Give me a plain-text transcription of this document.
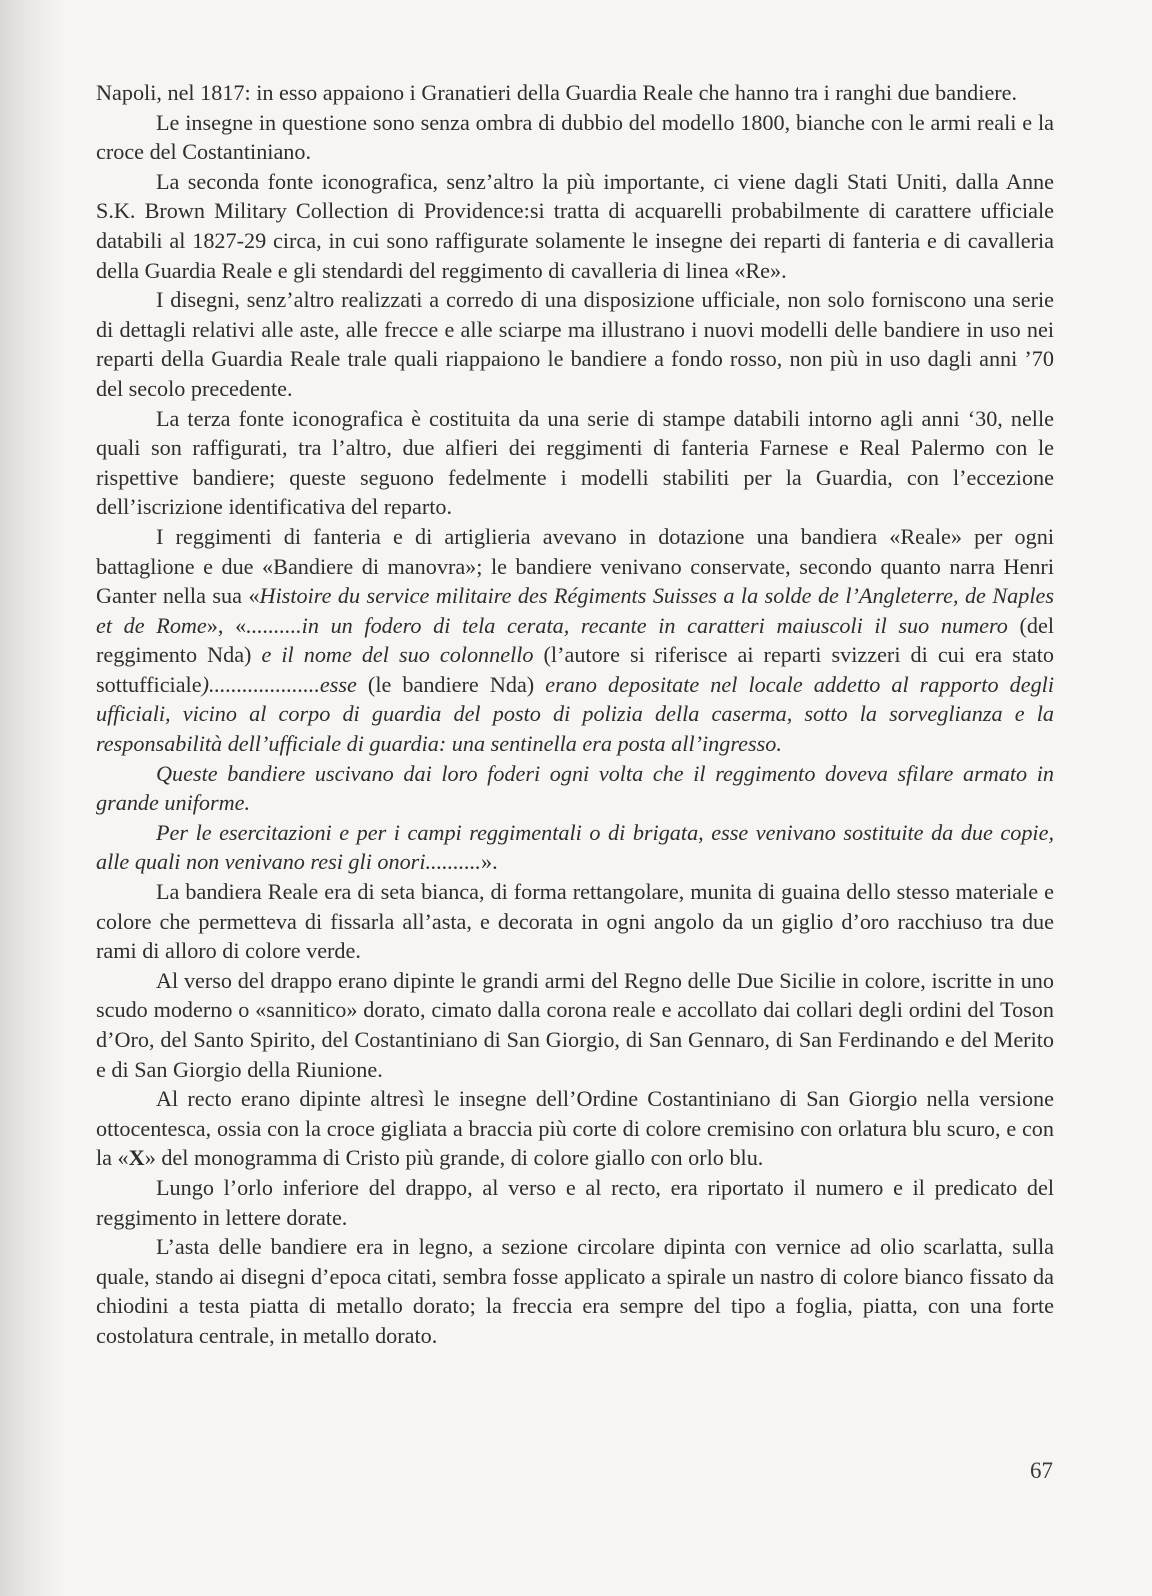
Napoli, nel 1817: in esso appaiono i Granatieri della Guardia Reale che hanno tra i ranghi due bandiere.

Le insegne in questione sono senza ombra di dubbio del modello 1800, bianche con le armi reali e la croce del Costantiniano.

La seconda fonte iconografica, senz’altro la più importante, ci viene dagli Stati Uniti, dalla Anne S.K. Brown Military Collection di Providence:si tratta di acquarelli probabilmente di carattere ufficiale databili al 1827-29 circa, in cui sono raffigurate solamente le insegne dei reparti di fanteria e di cavalleria della Guardia Reale e gli stendardi del reggimento di cavalleria di linea «Re».

I disegni, senz’altro realizzati a corredo di una disposizione ufficiale, non solo forniscono una serie di dettagli relativi alle aste, alle frecce e alle sciarpe ma illustrano i nuovi modelli delle bandiere in uso nei reparti della Guardia Reale trale quali riappaiono le bandiere a fondo rosso, non più in uso dagli anni ’70 del secolo precedente.

La terza fonte iconografica è costituita da una serie di stampe databili intorno agli anni ‘30, nelle quali son raffigurati, tra l’altro, due alfieri dei reggimenti di fanteria Farnese e Real Palermo con le rispettive bandiere; queste seguono fedelmente i modelli stabiliti per la Guardia, con l’eccezione dell’iscrizione identificativa del reparto.

I reggimenti di fanteria e di artiglieria avevano in dotazione una bandiera «Reale» per ogni battaglione e due «Bandiere di manovra»; le bandiere venivano conservate, secondo quanto narra Henri Ganter nella sua «Histoire du service militaire des Régiments Suisses a la solde de l’Angleterre, de Naples et de Rome», «..........in un fodero di tela cerata, recante in caratteri maiuscoli il suo numero (del reggimento Nda) e il nome del suo colonnello (l’autore si riferisce ai reparti svizzeri di cui era stato sottufficiale)....................esse (le bandiere Nda) erano depositate nel locale addetto al rapporto degli ufficiali, vicino al corpo di guardia del posto di polizia della caserma, sotto la sorveglianza e la responsabilità dell’ufficiale di guardia: una sentinella era posta all’ingresso.

Queste bandiere uscivano dai loro foderi ogni volta che il reggimento doveva sfilare armato in grande uniforme.

Per le esercitazioni e per i campi reggimentali o di brigata, esse venivano sostituite da due copie, alle quali non venivano resi gli onori..........».

La bandiera Reale era di seta bianca, di forma rettangolare, munita di guaina dello stesso materiale e colore che permetteva di fissarla all’asta, e decorata in ogni angolo da un giglio d’oro racchiuso tra due rami di alloro di colore verde.

Al verso del drappo erano dipinte le grandi armi del Regno delle Due Sicilie in colore, iscritte in uno scudo moderno o «sannitico» dorato, cimato dalla corona reale e accollato dai collari degli ordini del Toson d’Oro, del Santo Spirito, del Costantiniano di San Giorgio, di San Gennaro, di San Ferdinando e del Merito e di San Giorgio della Riunione.

Al recto erano dipinte altresì le insegne dell’Ordine Costantiniano di San Giorgio nella versione ottocentesca, ossia con la croce gigliata a braccia più corte di colore cremisino con orlatura blu scuro, e con la «X» del monogramma di Cristo più grande, di colore giallo con orlo blu.

Lungo l’orlo inferiore del drappo, al verso e al recto, era riportato il numero e il predicato del reggimento in lettere dorate.

L’asta delle bandiere era in legno, a sezione circolare dipinta con vernice ad olio scarlatta, sulla quale, stando ai disegni d’epoca citati, sembra fosse applicato a spirale un nastro di colore bianco fissato da chiodini a testa piatta di metallo dorato; la freccia era sempre del tipo a foglia, piatta, con una forte costolatura centrale, in metallo dorato.

67
